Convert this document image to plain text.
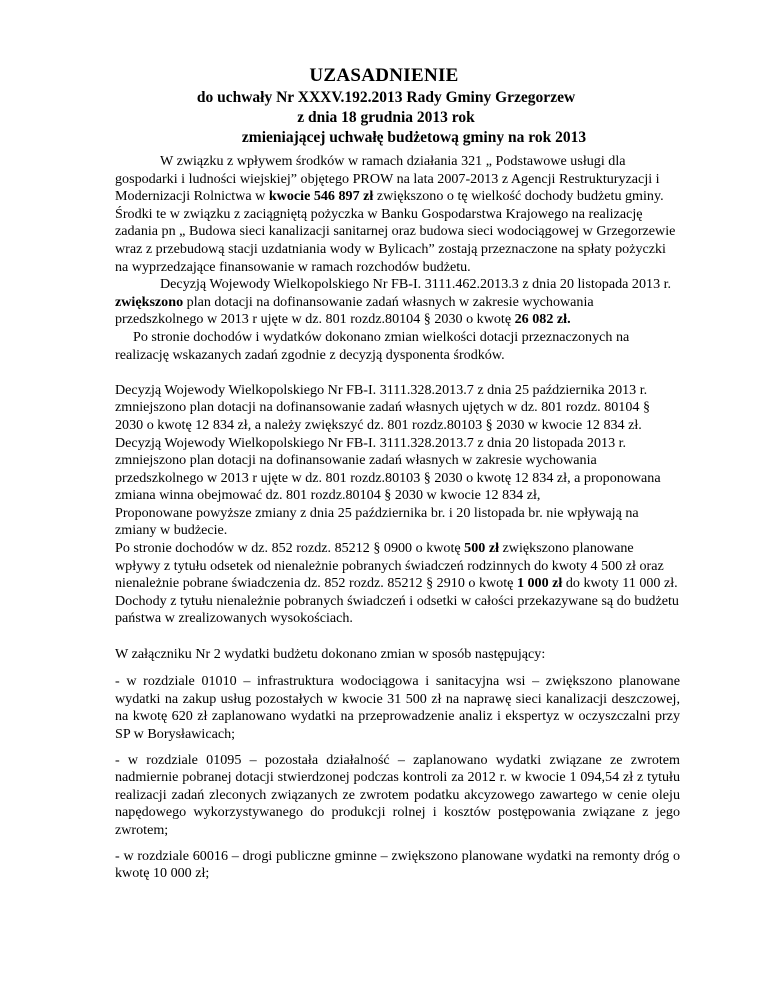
UZASADNIENIE
do uchwały Nr XXXV.192.2013 Rady Gminy Grzegorzew
z dnia 18 grudnia 2013 rok
zmieniającej uchwałę budżetową gminy na rok 2013

W związku z wpływem środków w ramach działania 321 „ Podstawowe usługi dla gospodarki i ludności wiejskiej” objętego PROW na lata 2007-2013 z Agencji Restrukturyzacji i Modernizacji Rolnictwa w kwocie 546 897 zł zwiększono o tę wielkość dochody budżetu gminy. Środki te w związku z zaciągniętą pożyczka w Banku Gospodarstwa Krajowego na realizację zadania pn „ Budowa sieci kanalizacji sanitarnej oraz budowa sieci wodociągowej w Grzegorzewie wraz z przebudową stacji uzdatniania wody w Bylicach” zostają przeznaczone na spłaty pożyczki na wyprzedzające finansowanie w ramach rozchodów budżetu.

Decyzją Wojewody Wielkopolskiego Nr FB-I. 3111.462.2013.3 z dnia 20 listopada 2013 r. zwiększono plan dotacji na dofinansowanie zadań własnych w zakresie wychowania przedszkolnego w 2013 r ujęte w dz. 801 rozdz.80104 § 2030 o kwotę 26 082 zł.

Po stronie dochodów i wydatków dokonano zmian wielkości dotacji przeznaczonych na realizację wskazanych zadań zgodnie z decyzją dysponenta środków.

Decyzją Wojewody Wielkopolskiego Nr FB-I. 3111.328.2013.7 z dnia 25 października 2013 r. zmniejszono plan dotacji na dofinansowanie zadań własnych ujętych w dz. 801 rozdz. 80104 § 2030 o kwotę 12 834 zł, a należy zwiększyć dz. 801 rozdz.80103 § 2030 w kwocie 12 834 zł.

Decyzją Wojewody Wielkopolskiego Nr FB-I. 3111.328.2013.7 z dnia 20 listopada 2013 r. zmniejszono plan dotacji na dofinansowanie zadań własnych w zakresie wychowania przedszkolnego w 2013 r ujęte w dz. 801 rozdz.80103 § 2030 o kwotę 12 834 zł, a proponowana zmiana winna obejmować dz. 801 rozdz.80104 § 2030 w kwocie 12 834 zł,

Proponowane powyższe zmiany z dnia 25 października br. i 20 listopada br. nie wpływają na zmiany w budżecie.

Po stronie dochodów w dz. 852 rozdz. 85212 § 0900 o kwotę 500 zł zwiększono planowane wpływy z tytułu odsetek od nienależnie pobranych świadczeń rodzinnych do kwoty 4 500 zł oraz nienależnie pobrane świadczenia dz. 852 rozdz. 85212 § 2910 o kwotę 1 000 zł do kwoty 11 000 zł.

Dochody z tytułu nienależnie pobranych świadczeń i odsetki w całości przekazywane są do budżetu państwa w zrealizowanych wysokościach.

W załączniku Nr 2 wydatki budżetu dokonano zmian w sposób następujący:

- w rozdziale 01010 – infrastruktura wodociągowa i sanitacyjna wsi – zwiększono planowane wydatki na zakup usług pozostałych w kwocie 31 500 zł na naprawę sieci kanalizacji deszczowej, na kwotę 620 zł zaplanowano wydatki na przeprowadzenie analiz i ekspertyz w oczyszczalni przy SP w Borysławicach;

- w rozdziale 01095 – pozostała działalność – zaplanowano wydatki związane ze zwrotem nadmiernie pobranej dotacji stwierdzonej podczas kontroli za 2012 r. w kwocie 1 094,54 zł z tytułu realizacji zadań zleconych związanych ze zwrotem podatku akcyzowego zawartego w cenie oleju napędowego wykorzystywanego do produkcji rolnej i kosztów postępowania związane z jego zwrotem;

- w rozdziale 60016 – drogi publiczne gminne – zwiększono planowane wydatki na remonty dróg o kwotę 10 000 zł;
